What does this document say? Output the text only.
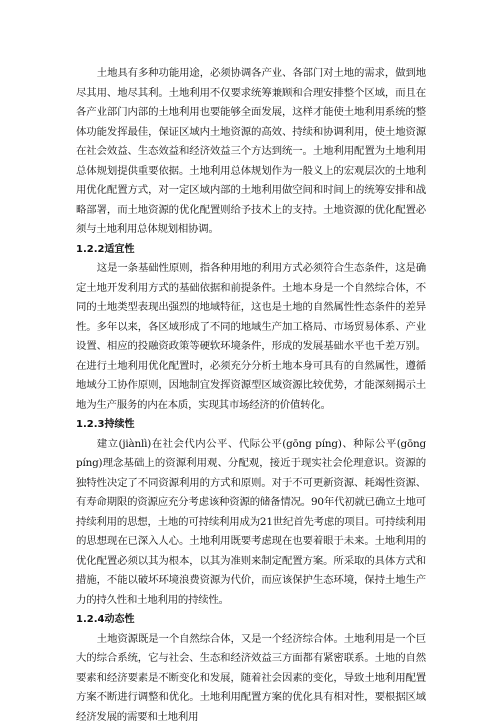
土地具有多种功能用途，必须协调各产业、各部门对土地的需求，做到地尽其用、地尽其利。土地利用不仅要求统筹兼顾和合理安排整个区域，而且在各产业部门内部的土地利用也要能够全面发展，这样才能使土地利用系统的整体功能发挥最佳，保证区域内土地资源的高效、持续和协调利用，使土地资源在社会效益、生态效益和经济效益三个方达到统一。土地利用配置为土地利用总体规划提供重要依据。土地利用总体规划作为一般义上的宏观层次的土地利用优化配置方式，对一定区域内部的土地利用做空间和时间上的统筹安排和战略部署，而土地资源的优化配置则给予技术上的支持。土地资源的优化配置必须与土地利用总体规划相协调。

1.2.2适宜性

这是一条基础性原则，指各种用地的利用方式必须符合生态条件，这是确定土地开发利用方式的基础依据和前提条件。土地本身是一个自然综合体，不同的土地类型表现出强烈的地域特征，这也是土地的自然属性性态条件的差异性。多年以来，各区域形成了不同的地域生产加工格局、市场贸易体系、产业设置、相应的投融资政策等硬软环境条件，形成的发展基础水平也千差万别。在进行土地利用优化配置时，必须充分分析土地本身可具有的自然属性，遵循地域分工协作原则，因地制宜发挥资源型区域资源比较优势，才能深刻揭示土地为生产服务的内在本质，实现其市场经济的价值转化。

1.2.3持续性

建立(jiànlì)在社会代内公平、代际公平(gōng píng)、种际公平(gōng píng)理念基础上的资源利用观、分配观，接近于现实社会伦理意识。资源的独特性决定了不同资源利用的方式和原则。对于不可更新资源、耗竭性资源、有寿命期限的资源应充分考虑该种资源的储备情况。90年代初就已确立土地可持续利用的思想，土地的可持续利用成为21世纪首先考虑的项目。可持续利用的思想现在已深入人心。土地利用既要考虑现在也要着眼于未来。土地利用的优化配置必须以其为根本，以其为准则来制定配置方案。所采取的具体方式和措施，不能以破坏环境浪费资源为代价，而应该保护生态环境，保持土地生产力的持久性和土地利用的持续性。

1.2.4动态性

土地资源既是一个自然综合体，又是一个经济综合体。土地利用是一个巨大的综合系统，它与社会、生态和经济效益三方面都有紧密联系。土地的自然要素和经济要素是不断变化和发展，随着社会因素的变化，导致土地利用配置方案不断进行调整和优化。土地利用配置方案的优化具有相对性，要根据区域经济发展的需要和土地利用
